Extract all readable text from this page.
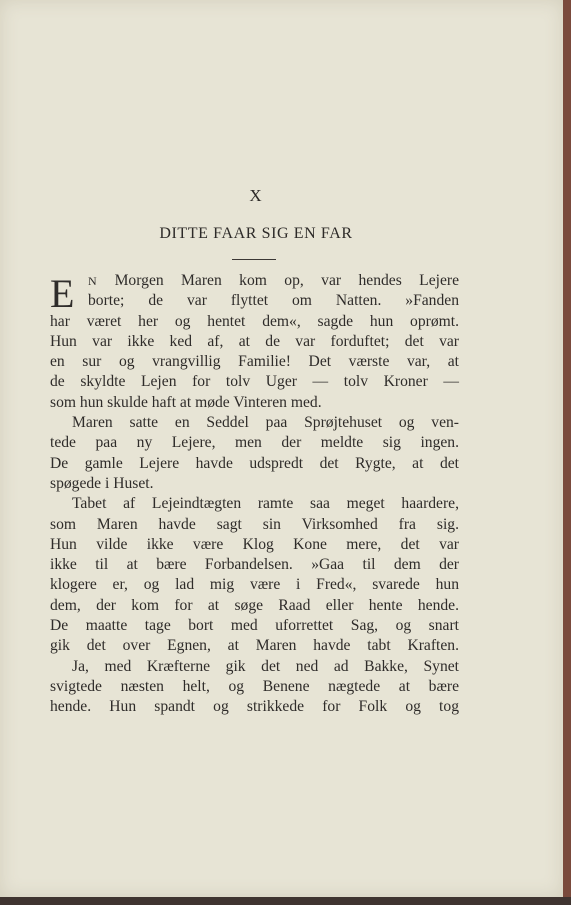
X
DITTE FAAR SIG EN FAR
E	N Morgen Maren kom op, var hendes Lejere
borte; de var flyttet om Natten. »Fanden
har været her og hentet dem«, sagde hun oprømt.
Hun var ikke ked af, at de var forduftet; det var
en sur og vrangvillig Familie! Det værste var, at
de skyldte Lejen for tolv Uger — tolv Kroner —
som hun skulde haft at møde Vinteren med.
Maren satte en Seddel paa Sprøjtehuset og ven-
tede paa ny Lejere, men der meldte sig ingen.
De gamle Lejere havde udspredt det Rygte, at det
spøgede i Huset.
Tabet af Lejeindtægten ramte saa meget haardere,
som Maren havde sagt sin Virksomhed fra sig.
Hun vilde ikke være Klog Kone mere, det var
ikke til at bære Forbandelsen. »Gaa til dem der
klogere er, og lad mig være i Fred«, svarede hun
dem, der kom for at søge Raad eller hente hende.
De maatte tage bort med uforrettet Sag, og snart
gik det over Egnen, at Maren havde tabt Kraften.
Ja, med Kræfterne gik det ned ad Bakke, Synet
svigtede næsten helt, og Benene nægtede at bære
hende. Hun spandt og strikkede for Folk og tog
